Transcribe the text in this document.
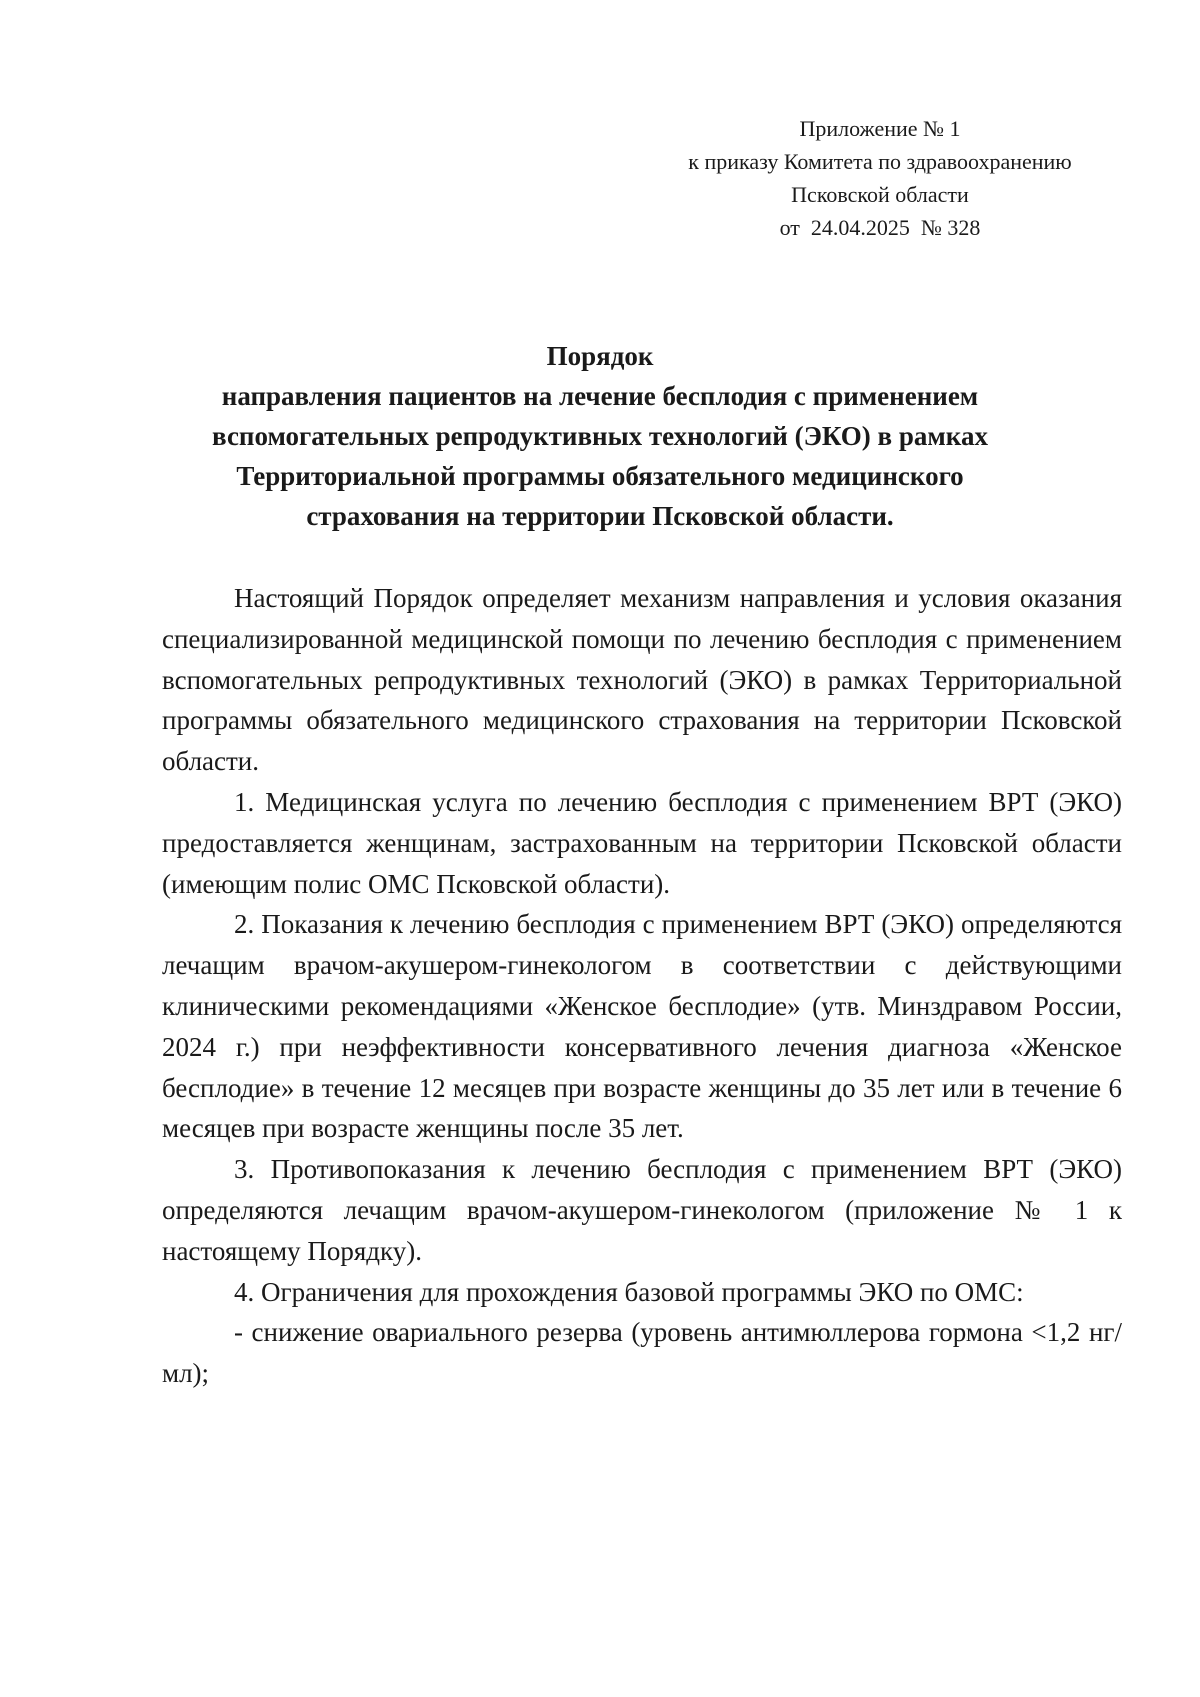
Приложение № 1
к приказу Комитета по здравоохранению
Псковской области
от  24.04.2025  № 328
Порядок
направления пациентов на лечение бесплодия с применением
вспомогательных репродуктивных технологий (ЭКО) в рамках
Территориальной программы обязательного медицинского
страхования на территории Псковской области.

Настоящий Порядок определяет механизм направления и условия оказания специализированной медицинской помощи по лечению бесплодия с применением вспомогательных репродуктивных технологий (ЭКО) в рамках Территориальной программы обязательного медицинского страхования на территории Псковской области.

1. Медицинская услуга по лечению бесплодия с применением ВРТ (ЭКО) предоставляется женщинам, застрахованным на территории Псковской области (имеющим полис ОМС Псковской области).

2. Показания к лечению бесплодия с применением ВРТ (ЭКО) определяются лечащим врачом-акушером-гинекологом в соответствии с действующими клиническими рекомендациями «Женское бесплодие» (утв. Минздравом России, 2024 г.) при неэффективности консервативного лечения диагноза «Женское бесплодие» в течение 12 месяцев при возрасте женщины до 35 лет или в течение 6 месяцев при возрасте женщины после 35 лет.

3. Противопоказания к лечению бесплодия с применением ВРТ (ЭКО) определяются лечащим врачом-акушером-гинекологом (приложение № 1 к настоящему Порядку).

4. Ограничения для прохождения базовой программы ЭКО по ОМС:

- снижение овариального резерва (уровень антимюллерова гормона <1,2 нг/мл);
